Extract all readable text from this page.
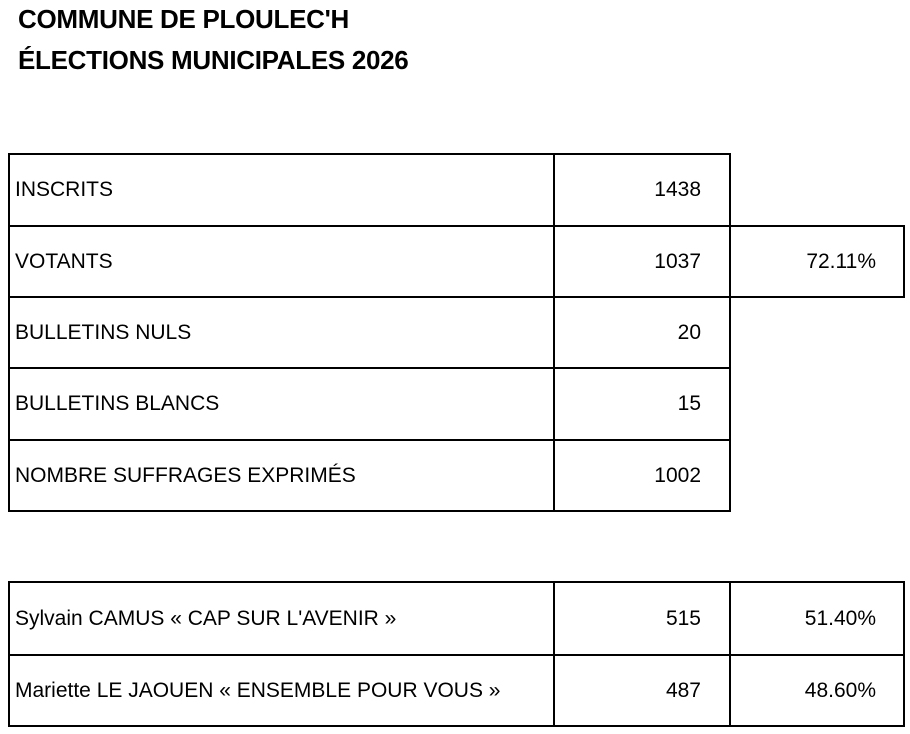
COMMUNE DE PLOULEC'H
ÉLECTIONS MUNICIPALES 2026
INSCRITS	1438
VOTANTS	1037	72.11%
BULLETINS NULS	20
BULLETINS BLANCS	15
NOMBRE SUFFRAGES EXPRIMÉS	1002
Sylvain CAMUS « CAP SUR L'AVENIR »	515	51.40%
Mariette LE JAOUEN « ENSEMBLE POUR VOUS »	487	48.60%
